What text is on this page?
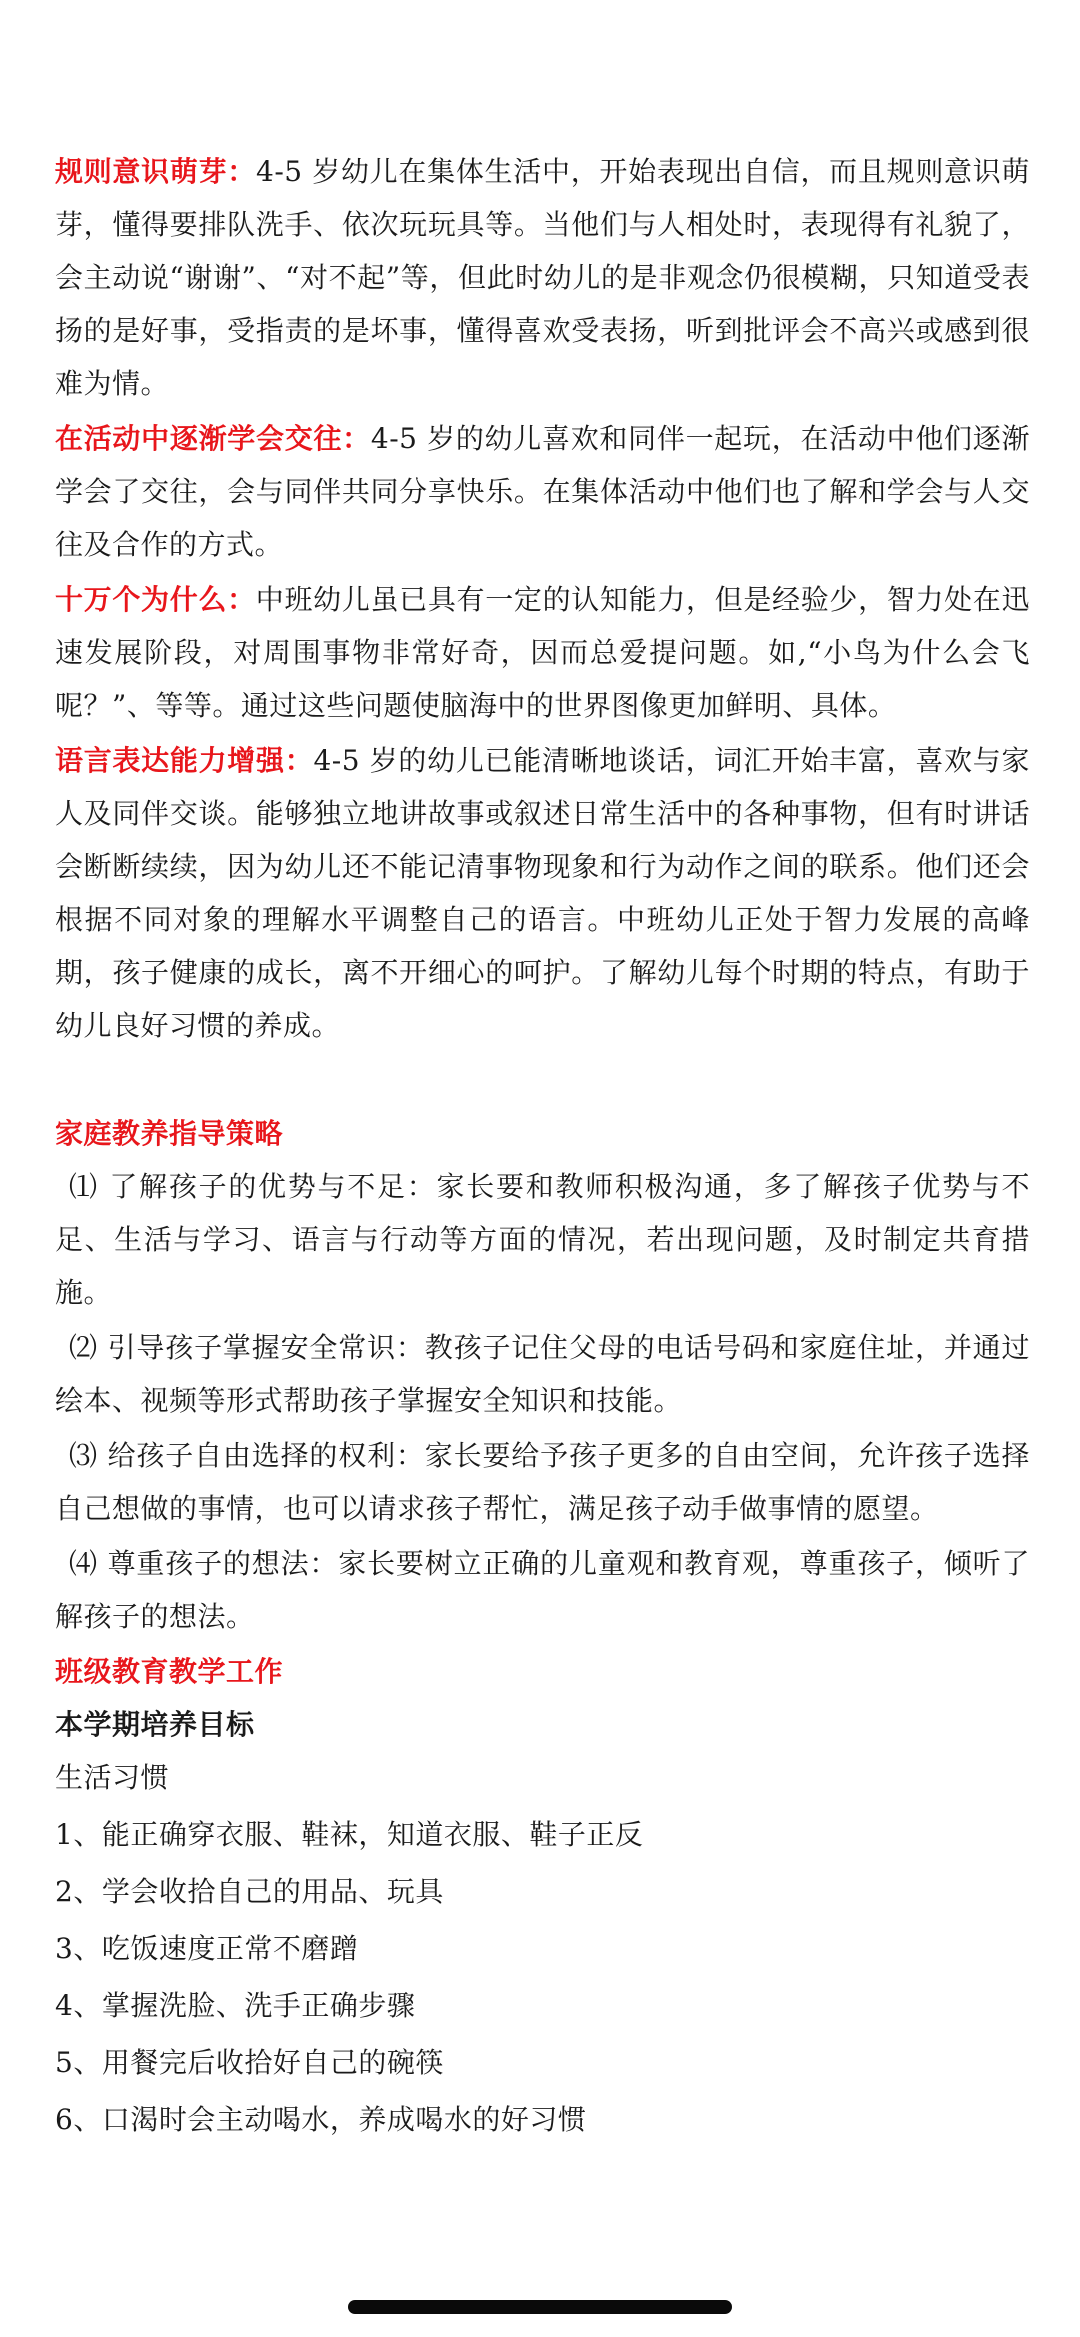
规则意识萌芽：4-5 岁幼儿在集体生活中，开始表现出自信，而且规则意识萌芽，懂得要排队洗手、依次玩玩具等。当他们与人相处时，表现得有礼貌了，会主动说“谢谢”、“对不起”等，但此时幼儿的是非观念仍很模糊，只知道受表扬的是好事，受指责的是坏事，懂得喜欢受表扬，听到批评会不高兴或感到很难为情。

在活动中逐渐学会交往：4-5 岁的幼儿喜欢和同伴一起玩，在活动中他们逐渐学会了交往，会与同伴共同分享快乐。在集体活动中他们也了解和学会与人交往及合作的方式。

十万个为什么：中班幼儿虽已具有一定的认知能力，但是经验少，智力处在迅速发展阶段，对周围事物非常好奇，因而总爱提问题。如,“小鸟为什么会飞呢？”、等等。通过这些问题使脑海中的世界图像更加鲜明、具体。

语言表达能力增强：4-5 岁的幼儿已能清晰地谈话，词汇开始丰富，喜欢与家人及同伴交谈。能够独立地讲故事或叙述日常生活中的各种事物，但有时讲话会断断续续，因为幼儿还不能记清事物现象和行为动作之间的联系。他们还会根据不同对象的理解水平调整自己的语言。中班幼儿正处于智力发展的高峰期，孩子健康的成长，离不开细心的呵护。了解幼儿每个时期的特点，有助于幼儿良好习惯的养成。

家庭教养指导策略

⑴ 了解孩子的优势与不足：家长要和教师积极沟通，多了解孩子优势与不足、生活与学习、语言与行动等方面的情况，若出现问题，及时制定共育措施。

⑵ 引导孩子掌握安全常识：教孩子记住父母的电话号码和家庭住址，并通过绘本、视频等形式帮助孩子掌握安全知识和技能。

⑶ 给孩子自由选择的权利：家长要给予孩子更多的自由空间，允许孩子选择自己想做的事情，也可以请求孩子帮忙，满足孩子动手做事情的愿望。

⑷ 尊重孩子的想法：家长要树立正确的儿童观和教育观，尊重孩子，倾听了解孩子的想法。

班级教育教学工作

本学期培养目标

生活习惯

1、能正确穿衣服、鞋袜，知道衣服、鞋子正反

2、学会收拾自己的用品、玩具

3、吃饭速度正常不磨蹭

4、掌握洗脸、洗手正确步骤

5、用餐完后收拾好自己的碗筷

6、口渴时会主动喝水，养成喝水的好习惯
